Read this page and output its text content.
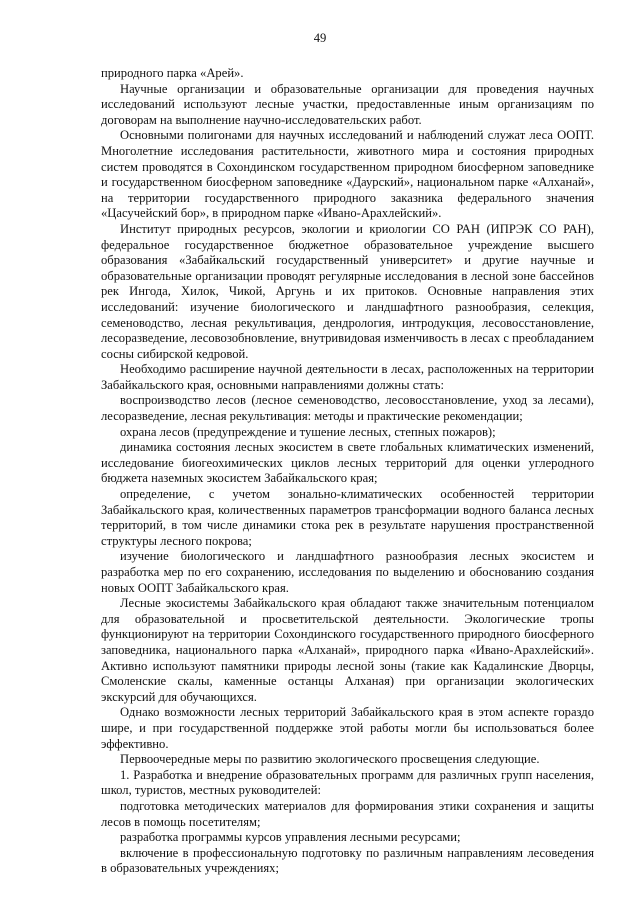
49

природного парка «Арей».

Научные организации и образовательные организации для проведения научных исследований используют лесные участки, предоставленные иным организациям по договорам на выполнение научно-исследовательских работ.

Основными полигонами для научных исследований и наблюдений служат леса ООПТ. Многолетние исследования растительности, животного мира и состояния природных систем проводятся в Сохондинском государственном природном биосферном заповеднике и государственном биосферном заповеднике «Даурский», национальном парке «Алханай», на территории государственного природного заказника федерального значения «Цасучейский бор», в природном парке «Ивано-Арахлейский».

Институт природных ресурсов, экологии и криологии СО РАН (ИПРЭК СО РАН), федеральное государственное бюджетное образовательное учреждение высшего образования «Забайкальский государственный университет» и другие научные и образовательные организации проводят регулярные исследования в лесной зоне бассейнов рек Ингода, Хилок, Чикой, Аргунь и их притоков. Основные направления этих исследований: изучение биологического и ландшафтного разнообразия, селекция, семеноводство, лесная рекультивация, дендрология, интродукция, лесовосстановление, лесоразведение, лесовозобновление, внутривидовая изменчивость в лесах с преобладанием сосны сибирской кедровой.

Необходимо расширение научной деятельности в лесах, расположенных на территории Забайкальского края, основными направлениями должны стать:

воспроизводство лесов (лесное семеноводство, лесовосстановление, уход за лесами), лесоразведение, лесная рекультивация: методы и практические рекомендации;

охрана лесов (предупреждение и тушение лесных, степных пожаров);

динамика состояния лесных экосистем в свете глобальных климатических изменений, исследование биогеохимических циклов лесных территорий для оценки углеродного бюджета наземных экосистем Забайкальского края;

определение, с учетом зонально-климатических особенностей территории Забайкальского края, количественных параметров трансформации водного баланса лесных территорий, в том числе динамики стока рек в результате нарушения пространственной структуры лесного покрова;

изучение биологического и ландшафтного разнообразия лесных экосистем и разработка мер по его сохранению, исследования по выделению и обоснованию создания новых ООПТ Забайкальского края.

Лесные экосистемы Забайкальского края обладают также значительным потенциалом для образовательной и просветительской деятельности. Экологические тропы функционируют на территории Сохондинского государственного природного биосферного заповедника, национального парка «Алханай», природного парка «Ивано-Арахлейский». Активно используют памятники природы лесной зоны (такие как Кадалинские Дворцы, Смоленские скалы, каменные останцы Алханая) при организации экологических экскурсий для обучающихся.

Однако возможности лесных территорий Забайкальского края в этом аспекте гораздо шире, и при государственной поддержке этой работы могли бы использоваться более эффективно.

Первоочередные меры по развитию экологического просвещения следующие.

1. Разработка и внедрение образовательных программ для различных групп населения, школ, туристов, местных руководителей:

подготовка методических материалов для формирования этики сохранения и защиты лесов в помощь посетителям;

разработка программы курсов управления лесными ресурсами;

включение в профессиональную подготовку по различным направлениям лесоведения в образовательных учреждениях;
